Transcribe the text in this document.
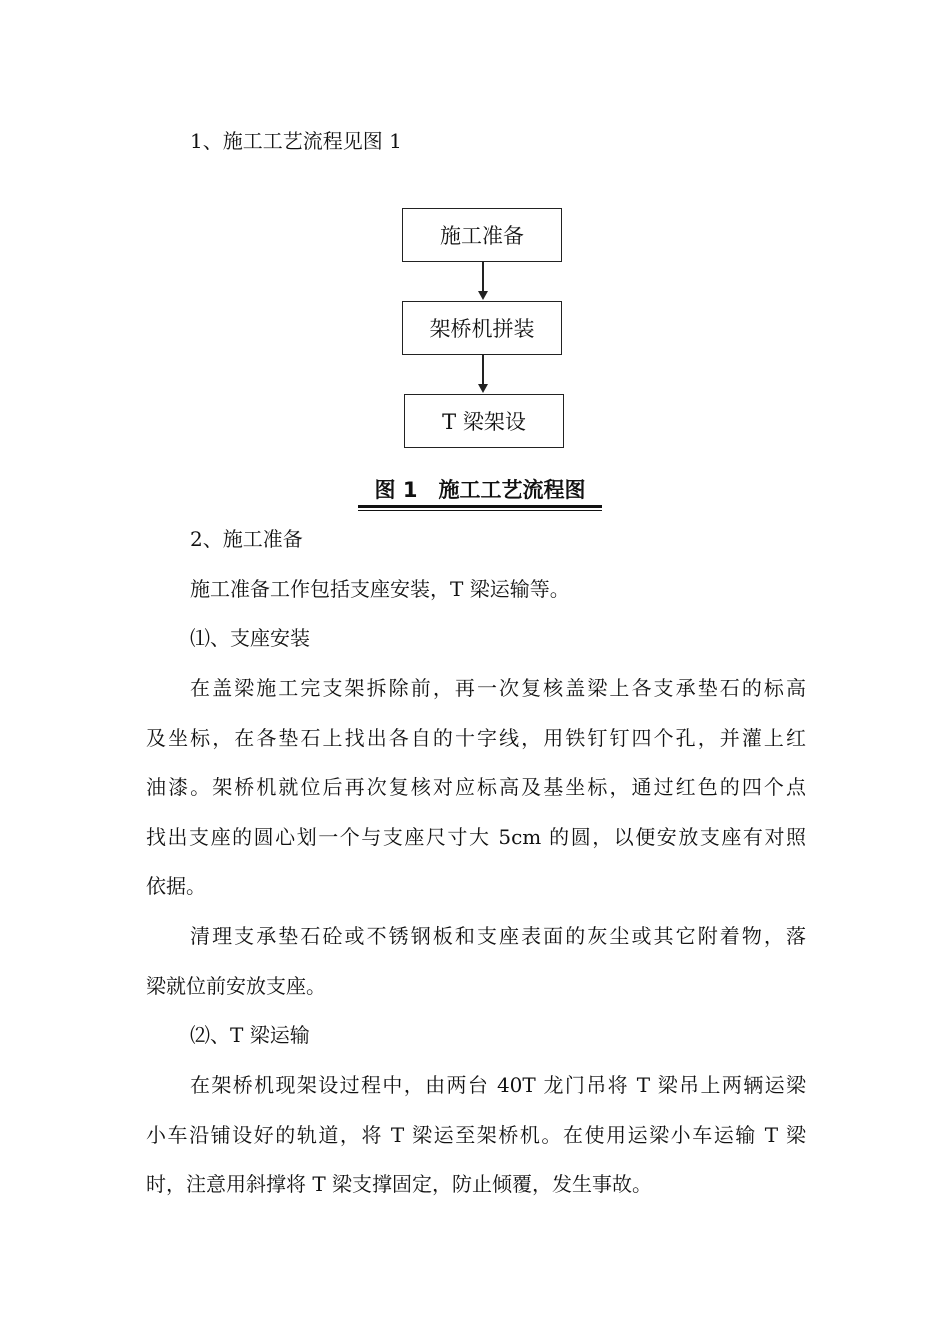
1、施工工艺流程见图 1
施工准备
架桥机拼装
T 梁架设
图 1　施工工艺流程图
2、施工准备
施工准备工作包括支座安装，T 梁运输等。
⑴、支座安装
在盖梁施工完支架拆除前，再一次复核盖梁上各支承垫石的标高
及坐标，在各垫石上找出各自的十字线，用铁钉钉四个孔，并灌上红
油漆。架桥机就位后再次复核对应标高及基坐标，通过红色的四个点
找出支座的圆心划一个与支座尺寸大 5cm 的圆，以便安放支座有对照
依据。
清理支承垫石砼或不锈钢板和支座表面的灰尘或其它附着物，落
梁就位前安放支座。
⑵、T 梁运输
在架桥机现架设过程中，由两台 40T 龙门吊将 T 梁吊上两辆运梁
小车沿铺设好的轨道，将 T 梁运至架桥机。在使用运梁小车运输 T 梁
时，注意用斜撑将 T 梁支撑固定，防止倾覆，发生事故。
